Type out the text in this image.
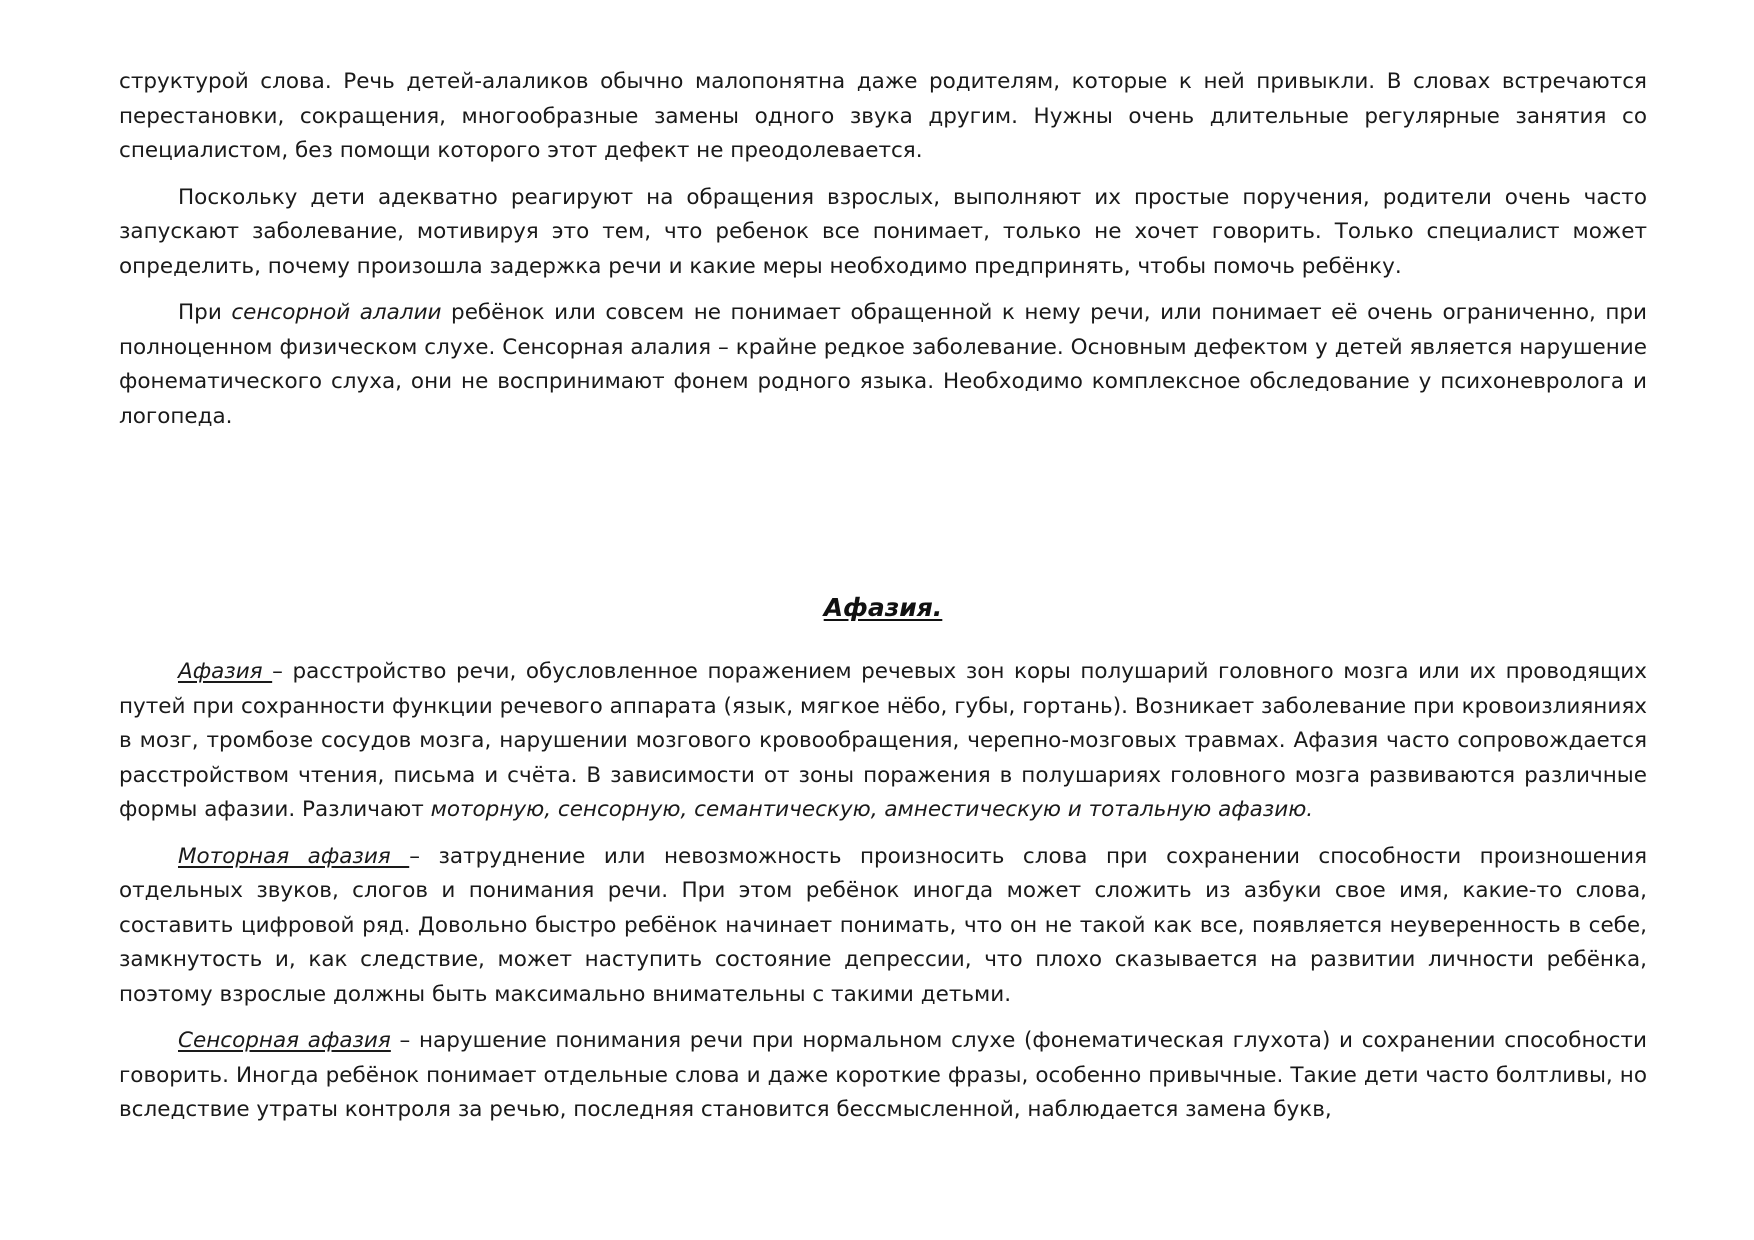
структурой слова. Речь детей-алаликов обычно малопонятна даже родителям, которые к ней привыкли. В словах встречаются перестановки, сокращения, многообразные замены одного звука другим. Нужны очень длительные регулярные занятия со специалистом, без помощи которого этот дефект не преодолевается.

Поскольку дети адекватно реагируют на обращения взрослых, выполняют их простые поручения, родители очень часто запускают заболевание, мотивируя это тем, что ребенок все понимает, только не хочет говорить. Только специалист может определить, почему произошла задержка речи и какие меры необходимо предпринять, чтобы помочь ребёнку.

При сенсорной алалии ребёнок или совсем не понимает обращенной к нему речи, или понимает её очень ограниченно, при полноценном физическом слухе. Сенсорная алалия – крайне редкое заболевание. Основным дефектом у детей является нарушение фонематического слуха, они не воспринимают фонем родного языка. Необходимо комплексное обследование у психоневролога и логопеда.

Афазия.

Афазия – расстройство речи, обусловленное поражением речевых зон коры полушарий головного мозга или их проводящих путей при сохранности функции речевого аппарата (язык, мягкое нёбо, губы, гортань). Возникает заболевание при кровоизлияниях в мозг, тромбозе сосудов мозга, нарушении мозгового кровообращения, черепно-мозговых травмах. Афазия часто сопровождается расстройством чтения, письма и счёта. В зависимости от зоны поражения в полушариях головного мозга развиваются различные формы афазии. Различают моторную, сенсорную, семантическую, амнестическую и тотальную афазию.

Моторная афазия – затруднение или невозможность произносить слова при сохранении способности произношения отдельных звуков, слогов и понимания речи. При этом ребёнок иногда может сложить из азбуки свое имя, какие-то слова, составить цифровой ряд. Довольно быстро ребёнок начинает понимать, что он не такой как все, появляется неуверенность в себе, замкнутость и, как следствие, может наступить состояние депрессии, что плохо сказывается на развитии личности ребёнка, поэтому взрослые должны быть максимально внимательны с такими детьми.

Сенсорная афазия – нарушение понимания речи при нормальном слухе (фонематическая глухота) и сохранении способности говорить. Иногда ребёнок понимает отдельные слова и даже короткие фразы, особенно привычные. Такие дети часто болтливы, но вследствие утраты контроля за речью, последняя становится бессмысленной, наблюдается замена букв,
